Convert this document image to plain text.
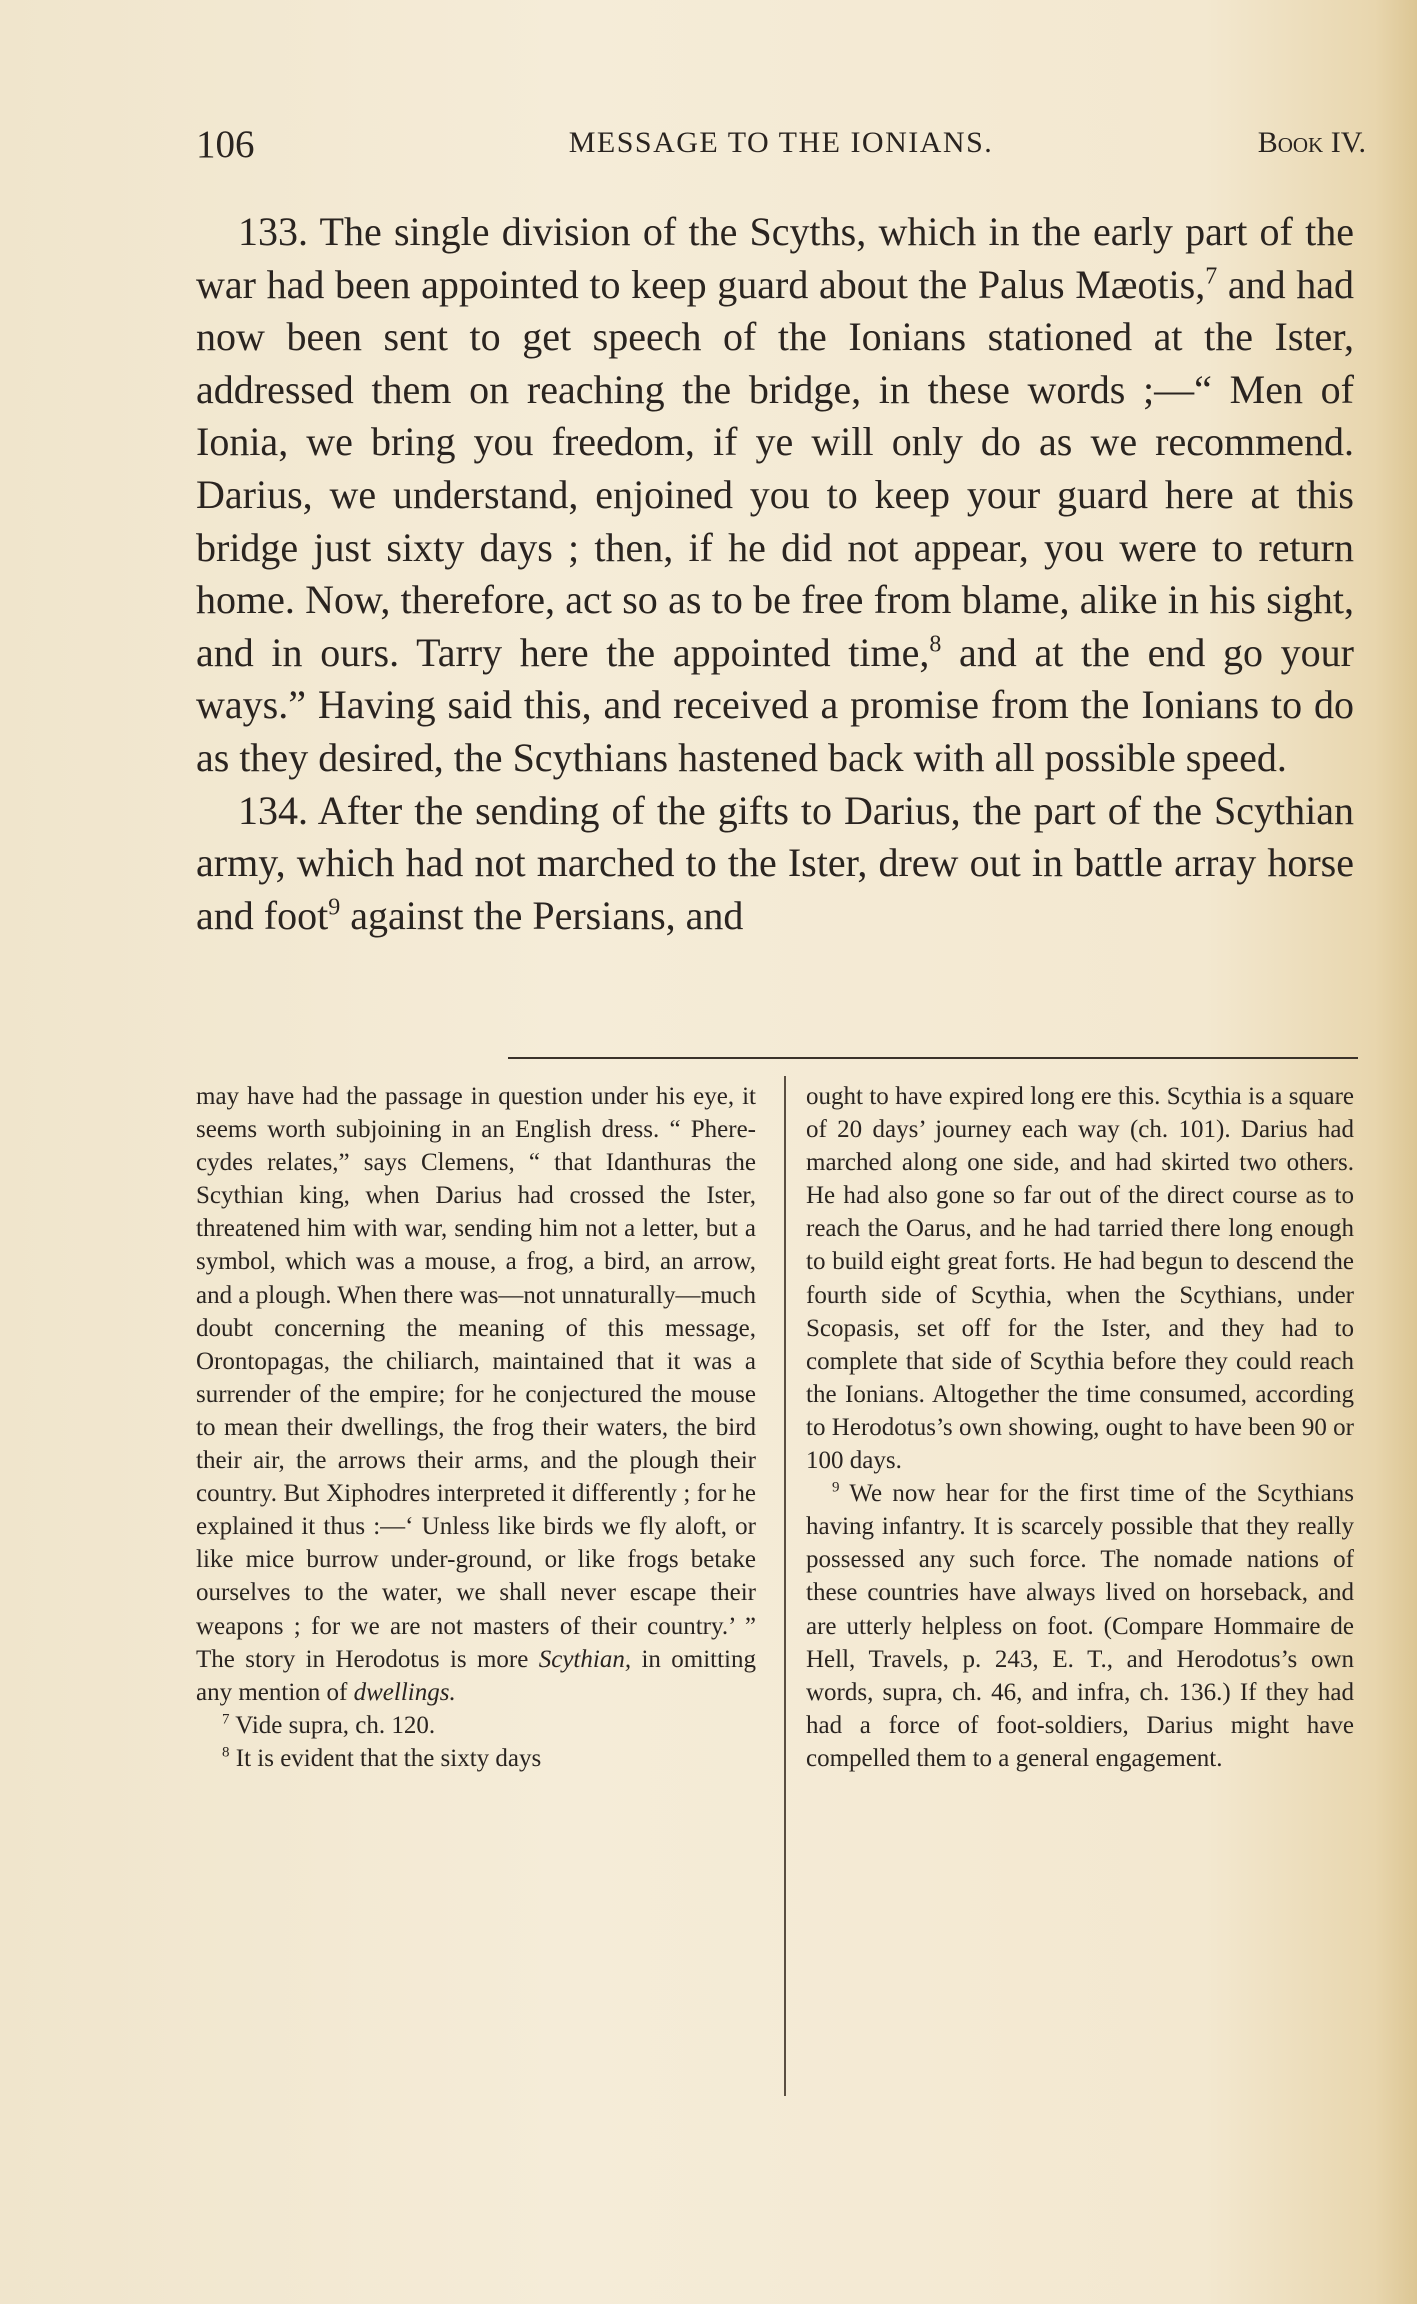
106	MESSAGE TO THE IONIANS.	Book IV.

133. The single division of the Scyths, which in the early part of the war had been appointed to keep guard about the Palus Mæotis,$^7$ and had now been sent to get speech of the Ionians stationed at the Ister, addressed them on reaching the bridge, in these words ;—“ Men of Ionia, we bring you freedom, if ye will only do as we recommend. Darius, we understand, enjoined you to keep your guard here at this bridge just sixty days ; then, if he did not appear, you were to return home. Now, therefore, act so as to be free from blame, alike in his sight, and in ours. Tarry here the appointed time,$^8$ and at the end go your ways.” Having said this, and received a promise from the Ionians to do as they desired, the Scythians hastened back with all possible speed.

134. After the sending of the gifts to Darius, the part of the Scythian army, which had not marched to the Ister, drew out in battle array horse and foot$^9$ against the Persians, and

may have had the passage in question under his eye, it seems worth subjoining in an English dress. “ Pherecydes relates,” says Clemens, “ that Idanthuras the Scythian king, when Darius had crossed the Ister, threatened him with war, sending him not a letter, but a symbol, which was a mouse, a frog, a bird, an arrow, and a plough. When there was—not unnaturally—much doubt concerning the meaning of this message, Orontopagas, the chiliarch, maintained that it was a surrender of the empire; for he conjectured the mouse to mean their dwellings, the frog their waters, the bird their air, the arrows their arms, and the plough their country. But Xiphodres interpreted it differently ; for he explained it thus :—‘ Unless like birds we fly aloft, or like mice burrow under-ground, or like frogs betake ourselves to the water, we shall never escape their weapons ; for we are not masters of their country.’ ” The story in Herodotus is more Scythian, in omitting any mention of dwellings.

$^7$ Vide supra, ch. 120.

$^8$ It is evident that the sixty days

ought to have expired long ere this. Scythia is a square of 20 days’ journey each way (ch. 101). Darius had marched along one side, and had skirted two others. He had also gone so far out of the direct course as to reach the Oarus, and he had tarried there long enough to build eight great forts. He had begun to descend the fourth side of Scythia, when the Scythians, under Scopasis, set off for the Ister, and they had to complete that side of Scythia before they could reach the Ionians. Altogether the time consumed, according to Herodotus’s own showing, ought to have been 90 or 100 days.

$^9$ We now hear for the first time of the Scythians having infantry. It is scarcely possible that they really possessed any such force. The nomade nations of these countries have always lived on horseback, and are utterly helpless on foot. (Compare Hommaire de Hell, Travels, p. 243, E. T., and Herodotus’s own words, supra, ch. 46, and infra, ch. 136.) If they had had a force of foot-soldiers, Darius might have compelled them to a general engagement.
